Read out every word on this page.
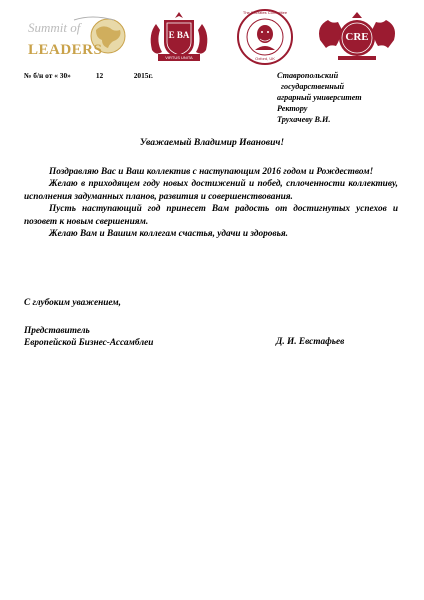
Summit of
LEADERS
E BA
VIRTUS UNITA
The Socrates Committee
Oxford, UK
CRE
№ б/н от « 30»	12	2015г.	Ставропольский
государственный
аграрный университет
Ректору
Трухачеву В.И.
Уважаемый Владимир Иванович!

Поздравляю Вас и Ваш коллектив с наступающим 2016 годом и Рождеством!

Желаю в приходящем году новых достижений и побед, сплоченности коллективу, исполнения задуманных планов, развития и совершенствования.

Пусть наступающий год принесет Вам радость от достигнутых успехов и позовет к новым свершениям.

Желаю Вам и Вашим коллегам счастья, удачи и здоровья.

С глубоким уважением,
Представитель
Европейской Бизнес-Ассамблеи	Д. И. Евстафьев
